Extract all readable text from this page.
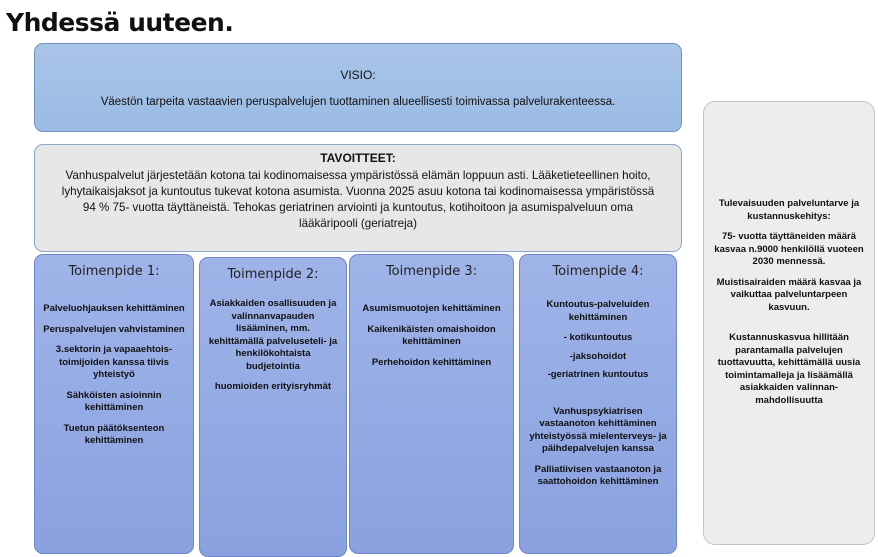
Yhdessä uuteen.
VISIO:
Väestön tarpeita vastaavien peruspalvelujen tuottaminen alueellisesti toimivassa palvelurakenteessa.
TAVOITTEET:
Vanhuspalvelut järjestetään kotona tai kodinomaisessa ympäristössä elämän loppuun asti. Lääketieteellinen hoito, lyhytaikaisjaksot ja kuntoutus tukevat kotona asumista. Vuonna 2025 asuu kotona tai kodinomaisessa ympäristössä 94 % 75- vuotta täyttäneistä. Tehokas geriatrinen arviointi ja kuntoutus, kotihoitoon ja asumispalveluun oma lääkäripooli (geriatreja)
Toimenpide 1:
Palveluohjauksen kehittäminen
Peruspalvelujen vahvistaminen
3.sektorin ja vapaaehtois-toimijoiden kanssa tiivis yhteistyö
Sähköisten asioinnin kehittäminen
Tuetun päätöksenteon kehittäminen
Toimenpide 2:
Asiakkaiden osallisuuden ja valinnanvapauden lisääminen, mm. kehittämällä palveluseteli- ja henkilökohtaista budjetointia
huomioiden erityisryhmät
Toimenpide 3:
Asumismuotojen kehittäminen
Kaikenikäisten omaishoidon kehittäminen
Perhehoidon kehittäminen
Toimenpide 4:
Kuntoutus-palveluiden kehittäminen
- kotikuntoutus
-jaksohoidot
-geriatrinen kuntoutus
Vanhuspsykiatrisen vastaanoton kehittäminen yhteistyössä mielenterveys- ja päihdepalvelujen kanssa
Palliatiivisen vastaanoton ja saattohoidon kehittäminen
Tulevaisuuden palveluntarve ja kustannuskehitys:
75- vuotta täyttäneiden määrä kasvaa n.9000 henkilöllä vuoteen 2030 mennessä.
Muistisairaiden määrä kasvaa ja vaikuttaa palveluntarpeen kasvuun.
Kustannuskasvua hillitään parantamalla palvelujen tuottavuutta, kehittämällä uusia toimintamalleja ja lisäämällä asiakkaiden valinnan-mahdollisuutta
